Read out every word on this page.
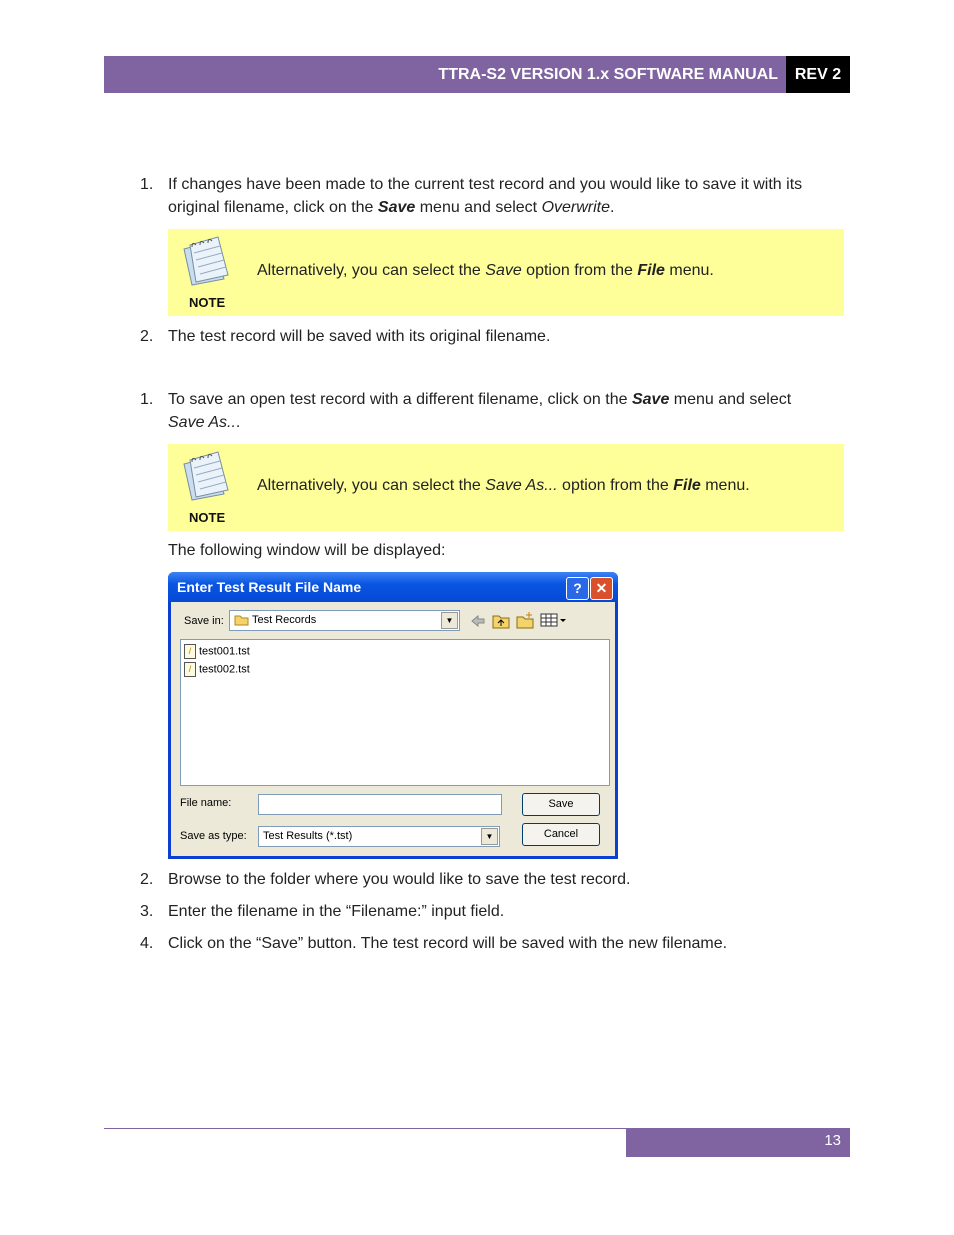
TTRA-S2 VERSION 1.x SOFTWARE MANUAL	REV 2
1. If changes have been made to the current test record and you would like to save it with its original filename, click on the Save menu and select Overwrite.
NOTE
Alternatively, you can select the Save option from the File menu.
2. The test record will be saved with its original filename.
1. To save an open test record with a different filename, click on the Save menu and select
Save As...
NOTE
Alternatively, you can select the Save As... option from the File menu.
The following window will be displayed:
Enter Test Result File Name	? ✕
Save in:	Test Records	▼
/ test001.tst
/ test002.tst
File name:	Save
Save as type: Test Results (*.tst)	▼	Cancel
2. Browse to the folder where you would like to save the test record.
3. Enter the filename in the “Filename:” input field.
4. Click on the “Save” button. The test record will be saved with the new filename.
13
